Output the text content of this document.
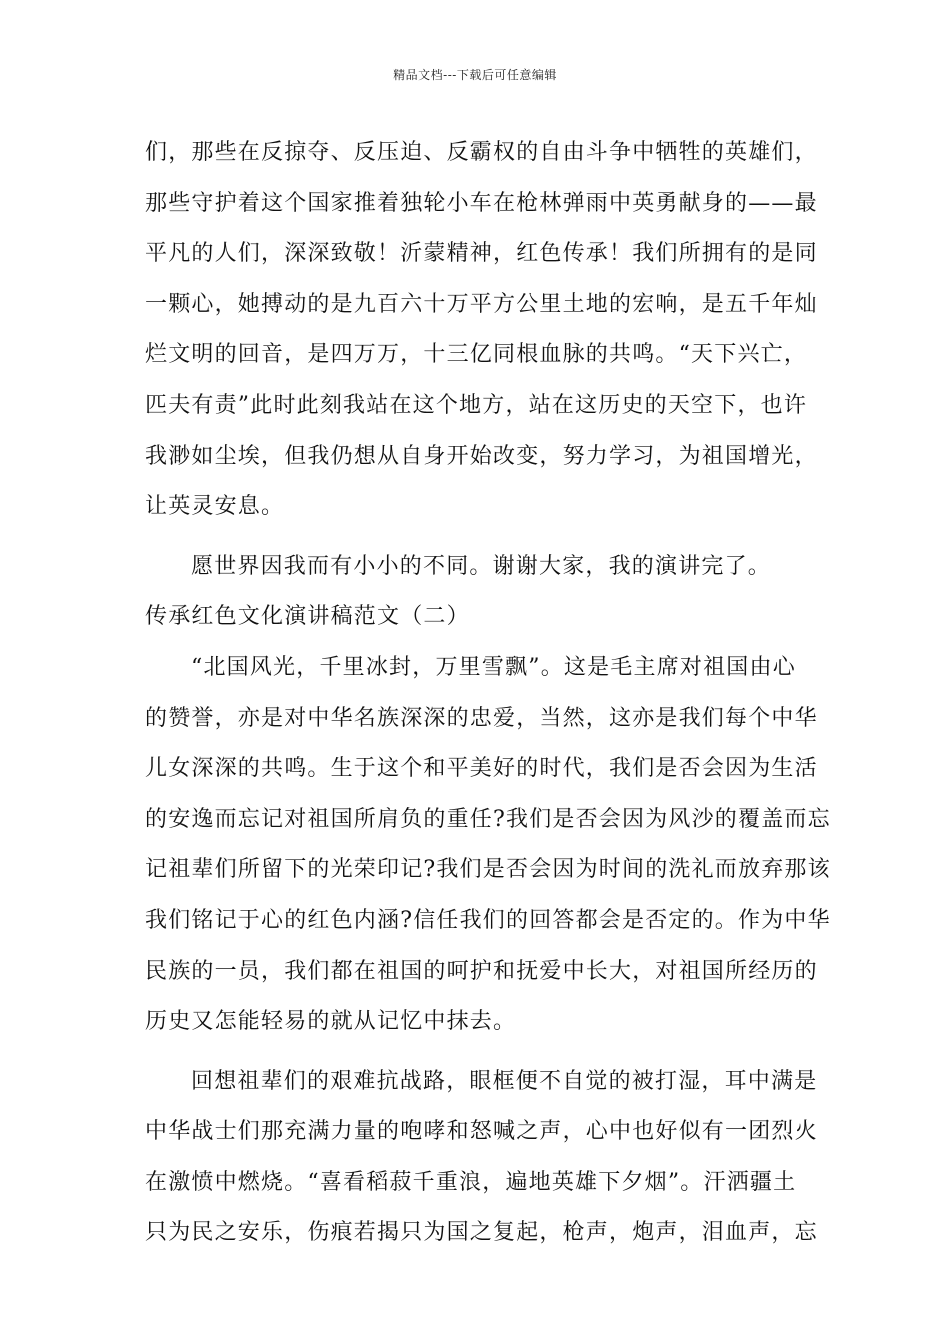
精品文档---下载后可任意编辑
们，那些在反掠夺、反压迫、反霸权的自由斗争中牺牲的英雄们，
那些守护着这个国家推着独轮小车在枪林弹雨中英勇献身的——最
平凡的人们，深深致敬！沂蒙精神，红色传承！我们所拥有的是同
一颗心，她搏动的是九百六十万平方公里土地的宏响，是五千年灿
烂文明的回音，是四万万，十三亿同根血脉的共鸣。“天下兴亡，
匹夫有责”此时此刻我站在这个地方，站在这历史的天空下，也许
我渺如尘埃，但我仍想从自身开始改变，努力学习，为祖国增光，
让英灵安息。
愿世界因我而有小小的不同。谢谢大家，我的演讲完了。
传承红色文化演讲稿范文（二）
“北国风光，千里冰封，万里雪飘”。这是毛主席对祖国由心
的赞誉，亦是对中华名族深深的忠爱，当然，这亦是我们每个中华
儿女深深的共鸣。生于这个和平美好的时代，我们是否会因为生活
的安逸而忘记对祖国所肩负的重任?我们是否会因为风沙的覆盖而忘
记祖辈们所留下的光荣印记?我们是否会因为时间的洗礼而放弃那该
我们铭记于心的红色内涵?信任我们的回答都会是否定的。作为中华
民族的一员，我们都在祖国的呵护和抚爱中长大，对祖国所经历的
历史又怎能轻易的就从记忆中抹去。
回想祖辈们的艰难抗战路，眼框便不自觉的被打湿，耳中满是
中华战士们那充满力量的咆哮和怒喊之声，心中也好似有一团烈火
在激愤中燃烧。“喜看稻菽千重浪，遍地英雄下夕烟”。汗洒疆土
只为民之安乐，伤痕若揭只为国之复起，枪声，炮声，泪血声，忘
